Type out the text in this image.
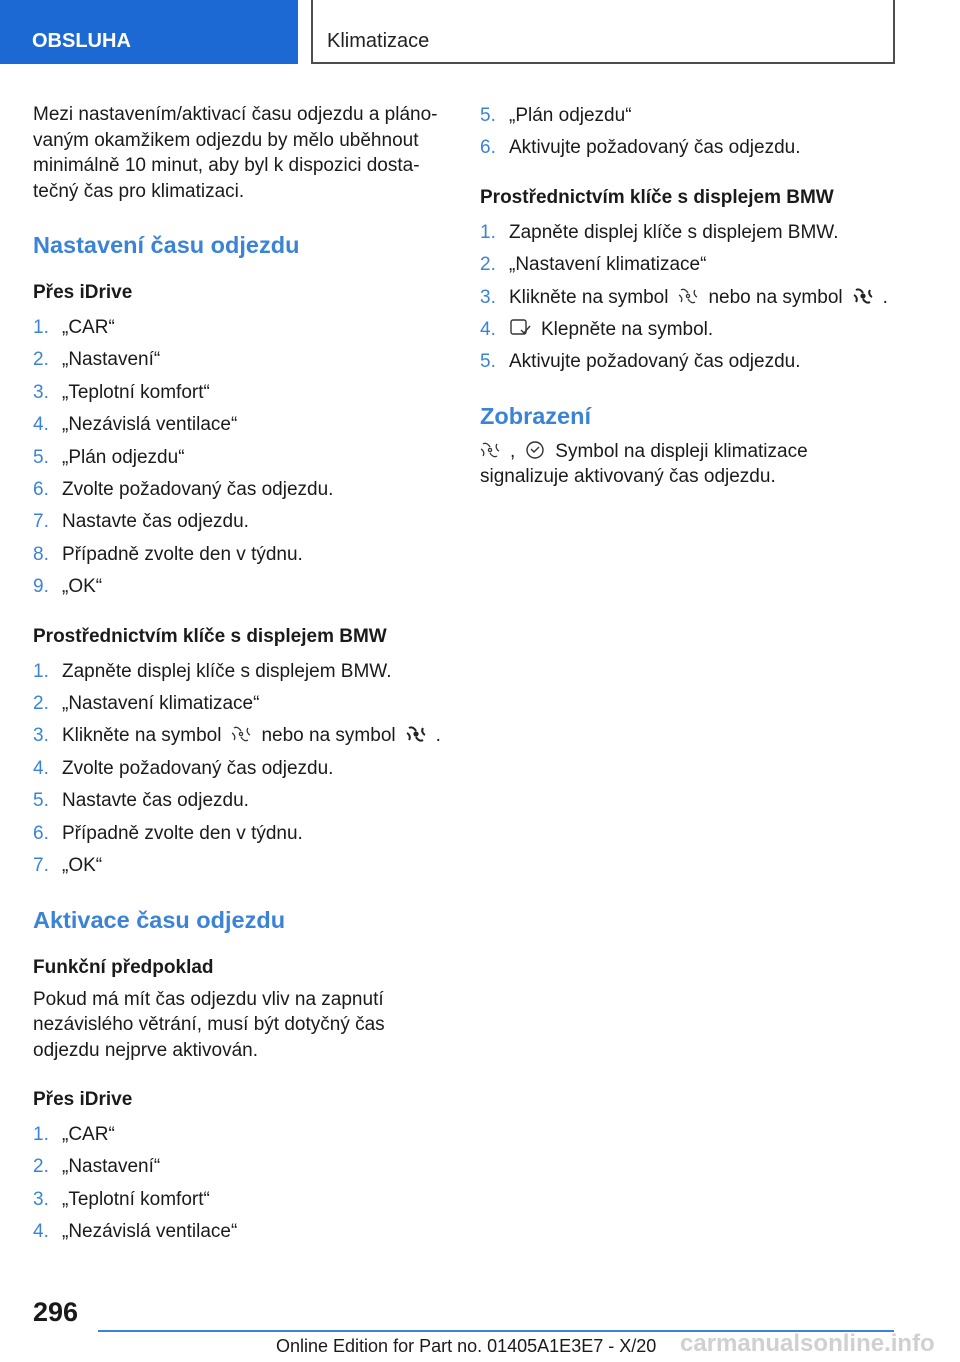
OBSLUHA	Klimatizace

Mezi nastavením/aktivací času odjezdu a plánovaným okamžikem odjezdu by mělo uběhnout minimálně 10 minut, aby byl k dispozici dostatečný čas pro klimatizaci.

Nastavení času odjezdu
Přes iDrive
1. „CAR“
2. „Nastavení“
3. „Teplotní komfort“
4. „Nezávislá ventilace“
5. „Plán odjezdu“
6. Zvolte požadovaný čas odjezdu.
7. Nastavte čas odjezdu.
8. Případně zvolte den v týdnu.
9. „OK“
Prostřednictvím klíče s displejem BMW
1. Zapněte displej klíče s displejem BMW.
2. „Nastavení klimatizace“
3. Klikněte na symbol nebo na symbol .
4. Zvolte požadovaný čas odjezdu.
5. Nastavte čas odjezdu.
6. Případně zvolte den v týdnu.
7. „OK“
Aktivace času odjezdu
Funkční předpoklad

Pokud má mít čas odjezdu vliv na zapnutí nezávislého větrání, musí být dotyčný čas odjezdu nejprve aktivován.

Přes iDrive
1. „CAR“
2. „Nastavení“
3. „Teplotní komfort“
4. „Nezávislá ventilace“
5. „Plán odjezdu“
6. Aktivujte požadovaný čas odjezdu.
Prostřednictvím klíče s displejem BMW
1. Zapněte displej klíče s displejem BMW.
2. „Nastavení klimatizace“
3. Klikněte na symbol nebo na symbol .
4. Klepněte na symbol.
5. Aktivujte požadovaný čas odjezdu.
Zobrazení

, Symbol na displeji klimatizace signalizuje aktivovaný čas odjezdu.

296
Online Edition for Part no. 01405A1E3E7 - X/20 carmanualsonline.info
